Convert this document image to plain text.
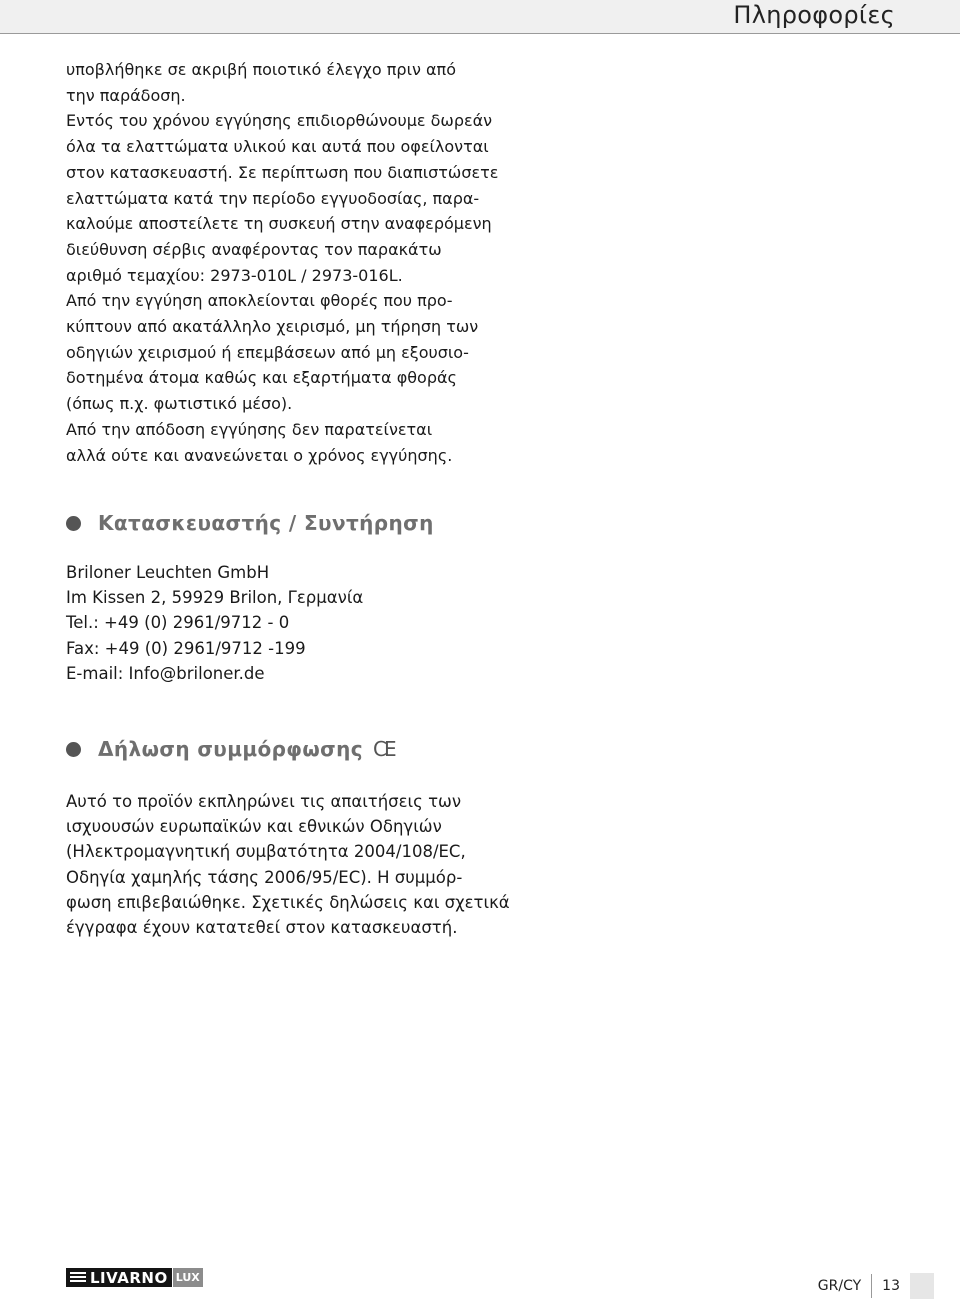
Πληροφορίες
υποβλήθηκε σε ακριβή ποιοτικό έλεγχο πριν από
την παράδοση.
Εντός του χρόνου εγγύησης επιδιορθώνουμε δωρεάν
όλα τα ελαττώματα υλικού και αυτά που οφείλονται
στον κατασκευαστή. Σε περίπτωση που διαπιστώσετε
ελαττώματα κατά την περίοδο εγγυοδοσίας, παρα-
καλούμε αποστείλετε τη συσκευή στην αναφερόμενη
διεύθυνση σέρβις αναφέροντας τον παρακάτω
αριθμό τεμαχίου: 2973-010L / 2973-016L.
Από την εγγύηση αποκλείονται φθορές που προ-
κύπτουν από ακατάλληλο χειρισμό, μη τήρηση των
οδηγιών χειρισμού ή επεμβάσεων από μη εξουσιο-
δοτημένα άτομα καθώς και εξαρτήματα φθοράς
(όπως π.χ. φωτιστικό μέσο).
Από την απόδοση εγγύησης δεν παρατείνεται
αλλά ούτε και ανανεώνεται ο χρόνος εγγύησης.
Κατασκευαστής / Συντήρηση
Briloner Leuchten GmbH
Im Kissen 2, 59929 Brilon, Γερμανία
Tel.: +49 (0) 2961/9712 - 0
Fax: +49 (0) 2961/9712 -199
E-mail: Info@briloner.de
Δήλωση συμμόρφωσης CE
Αυτό το προϊόν εκπληρώνει τις απαιτήσεις των
ισχυουσών ευρωπαϊκών και εθνικών Οδηγιών
(Ηλεκτρομαγνητική συμβατότητα 2004/108/EC,
Οδηγία χαμηλής τάσης 2006/95/EC). Η συμμόρ-
φωση επιβεβαιώθηκε. Σχετικές δηλώσεις και σχετικά
έγγραφα έχουν κατατεθεί στον κατασκευαστή.
LIVARNO LUX
GR/CY	13
